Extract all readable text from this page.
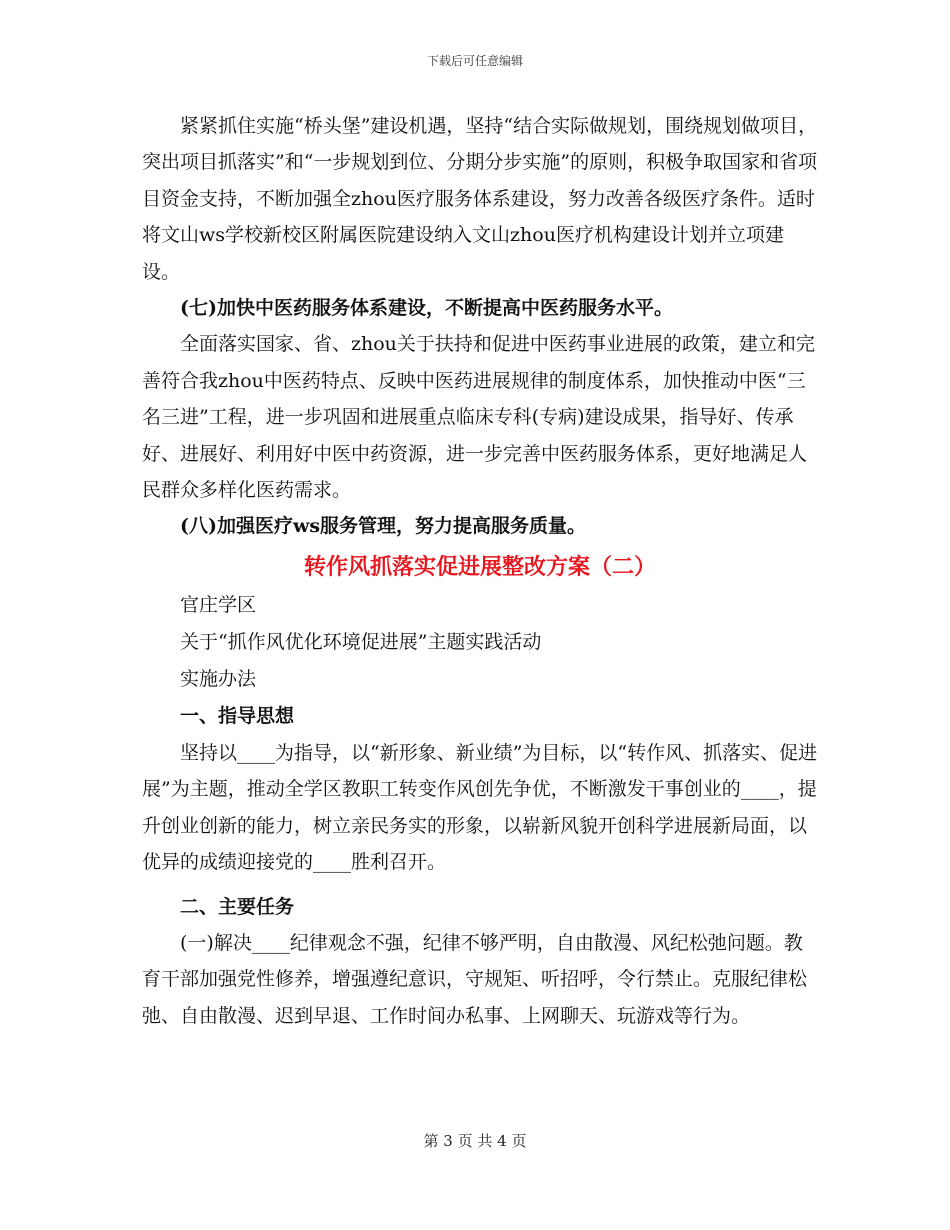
下载后可任意编辑

紧紧抓住实施“桥头堡”建设机遇，坚持“结合实际做规划，围绕规划做项目，突出项目抓落实”和“一步规划到位、分期分步实施”的原则，积极争取国家和省项目资金支持，不断加强全zhou医疗服务体系建设，努力改善各级医疗条件。适时将文山ws学校新校区附属医院建设纳入文山zhou医疗机构建设计划并立项建设。

(七)加快中医药服务体系建设，不断提高中医药服务水平。

全面落实国家、省、zhou关于扶持和促进中医药事业进展的政策，建立和完善符合我zhou中医药特点、反映中医药进展规律的制度体系，加快推动中医“三名三进”工程，进一步巩固和进展重点临床专科(专病)建设成果，指导好、传承好、进展好、利用好中医中药资源，进一步完善中医药服务体系，更好地满足人民群众多样化医药需求。

(八)加强医疗ws服务管理，努力提高服务质量。

转作风抓落实促进展整改方案（二）

官庄学区

关于“抓作风优化环境促进展”主题实践活动

实施办法

一、指导思想

坚持以____为指导，以“新形象、新业绩”为目标，以“转作风、抓落实、促进展”为主题，推动全学区教职工转变作风创先争优，不断激发干事创业的____，提升创业创新的能力，树立亲民务实的形象，以崭新风貌开创科学进展新局面，以优异的成绩迎接党的____胜利召开。

二、主要任务

(一)解决____纪律观念不强，纪律不够严明，自由散漫、风纪松弛问题。教育干部加强党性修养，增强遵纪意识，守规矩、听招呼，令行禁止。克服纪律松弛、自由散漫、迟到早退、工作时间办私事、上网聊天、玩游戏等行为。

第 3 页 共 4 页
